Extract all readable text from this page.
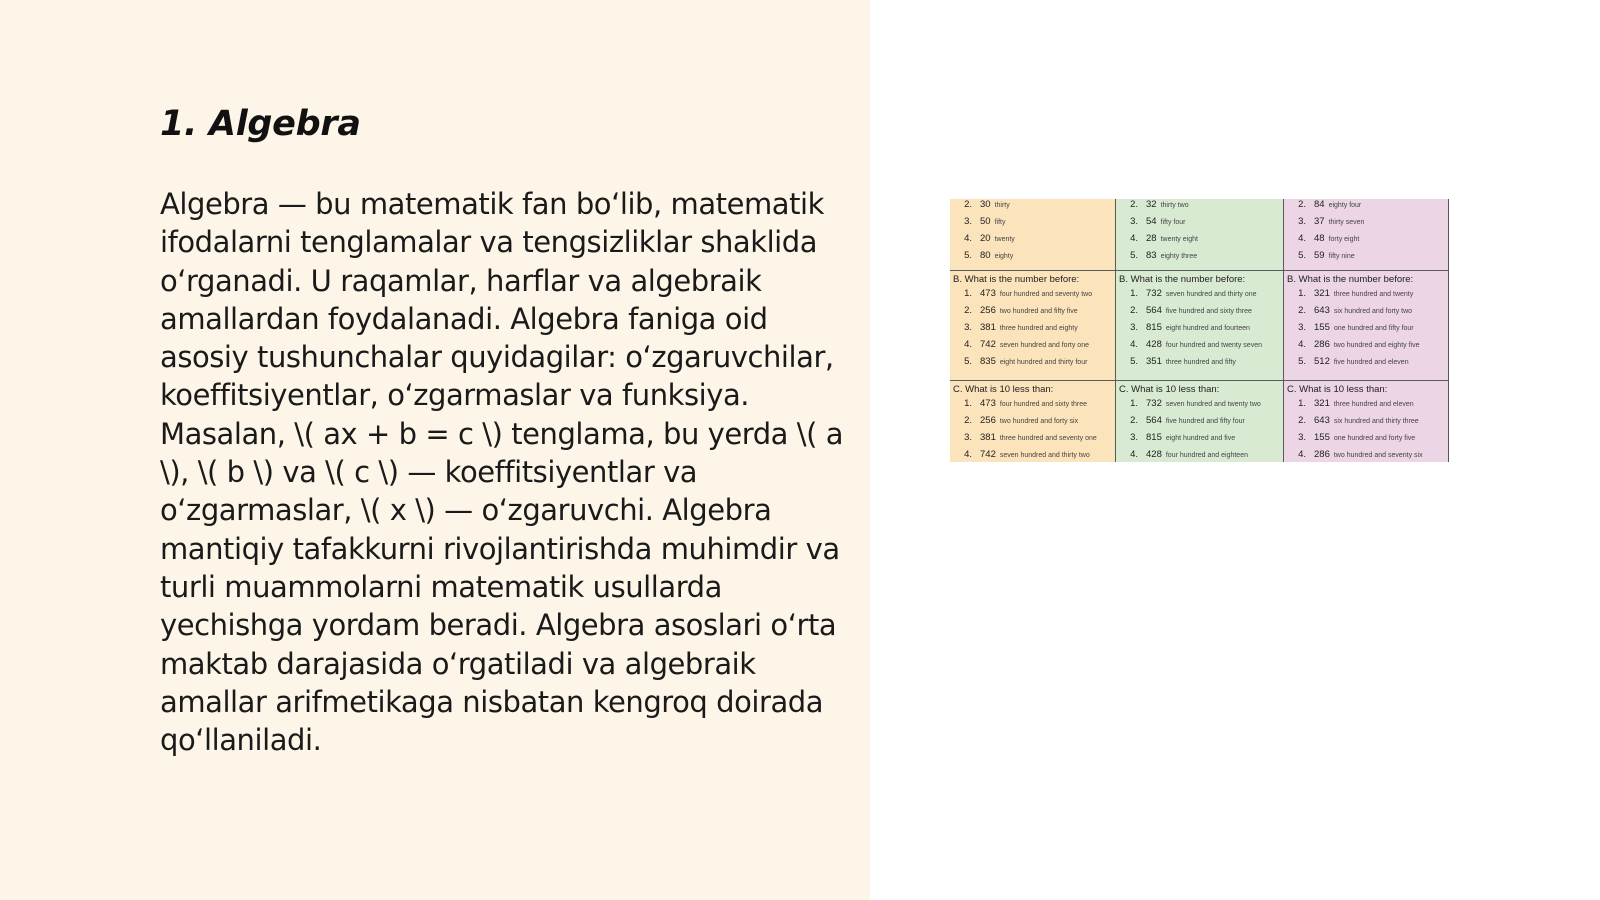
1. Algebra

Algebra — bu matematik fan bo‘lib, matematik ifodalarni tenglamalar va tengsizliklar shaklida o‘rganadi. U raqamlar, harflar va algebraik amallardan foydalanadi. Algebra faniga oid asosiy tushunchalar quyidagilar: o‘zgaruvchilar, koeffitsiyentlar, o‘zgarmaslar va funksiya. Masalan, \( ax + b = c \) tenglama, bu yerda \( a \), \( b \) va \( c \) — koeffitsiyentlar va o‘zgarmaslar, \( x \) — o‘zgaruvchi. Algebra mantiqiy tafakkurni rivojlantirishda muhimdir va turli muammolarni matematik usullarda yechishga yordam beradi. Algebra asoslari o‘rta maktab darajasida o‘rgatiladi va algebraik amallar arifmetikaga nisbatan kengroq doirada qo‘llaniladi.

2. 30 thirty
3. 50 fifty
4. 20 twenty
5. 80 eighty
2. 32 thirty two
3. 54 fifty four
4. 28 twenty eight
5. 83 eighty three
2. 84 eighty four
3. 37 thirty seven
4. 48 forty eight
5. 59 fifty nine
B. What is the number before:
1. 473 four hundred and seventy two
2. 256 two hundred and fifty five
3. 381 three hundred and eighty
4. 742 seven hundred and forty one
5. 835 eight hundred and thirty four
B. What is the number before:
1. 732 seven hundred and thirty one
2. 564 five hundred and sixty three
3. 815 eight hundred and fourteen
4. 428 four hundred and twenty seven
5. 351 three hundred and fifty
B. What is the number before:
1. 321 three hundred and twenty
2. 643 six hundred and forty two
3. 155 one hundred and fifty four
4. 286 two hundred and eighty five
5. 512 five hundred and eleven
C. What is 10 less than:
1. 473 four hundred and sixty three
2. 256 two hundred and forty six
3. 381 three hundred and seventy one
4. 742 seven hundred and thirty two
C. What is 10 less than:
1. 732 seven hundred and twenty two
2. 564 five hundred and fifty four
3. 815 eight hundred and five
4. 428 four hundred and eighteen
C. What is 10 less than:
1. 321 three hundred and eleven
2. 643 six hundred and thirty three
3. 155 one hundred and forty five
4. 286 two hundred and seventy six
